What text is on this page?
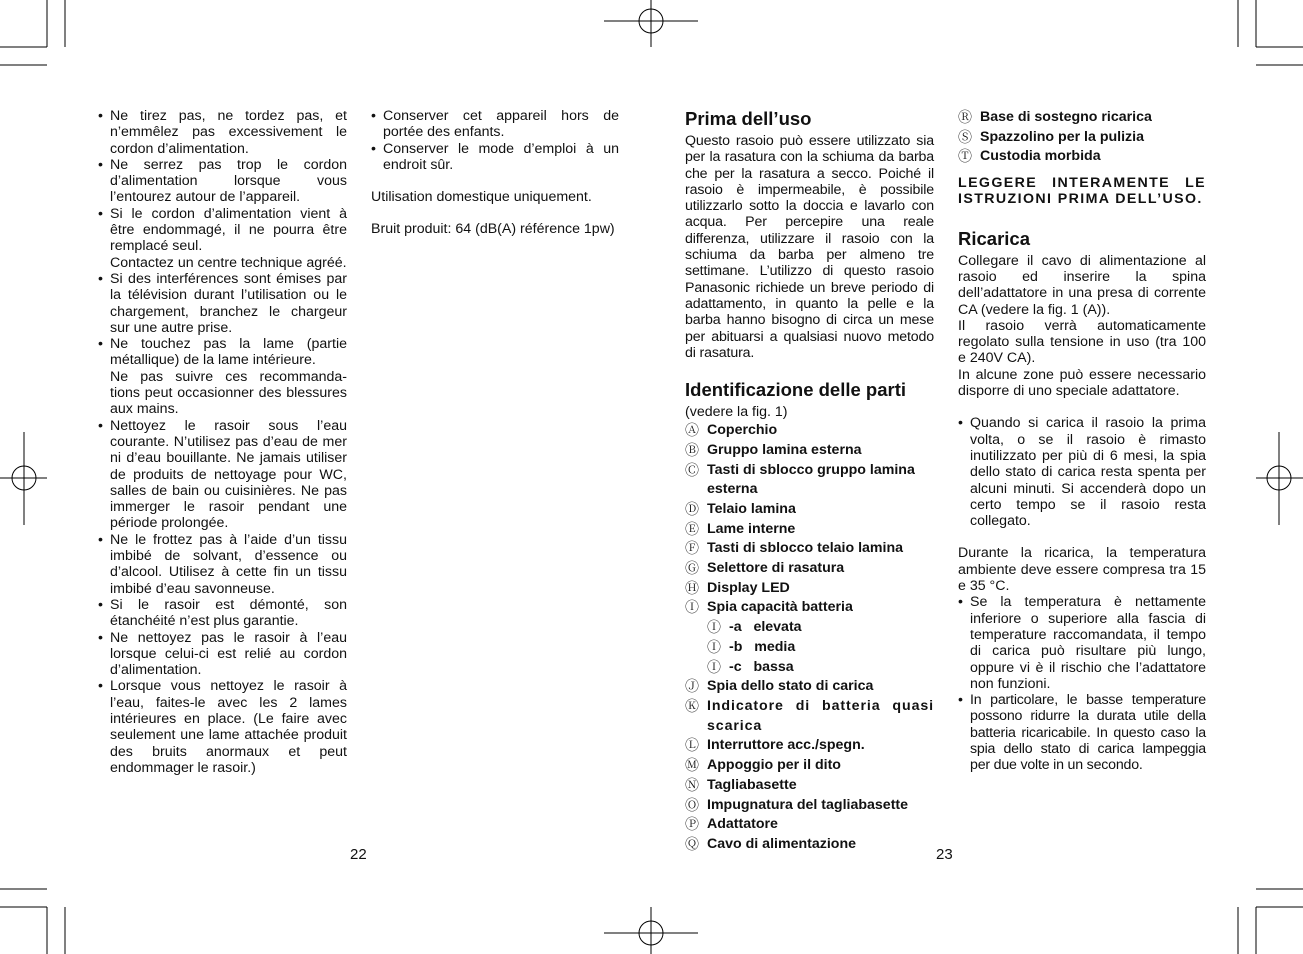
• Ne tirez pas, ne tordez pas, et n’emmêlez pas excessivement le cordon d’alimentation.
• Ne serrez pas trop le cordon d’alimentation lorsque vous l’entourez autour de l’appareil.
• Si le cordon d’alimentation vient à être endommagé, il ne pourra être remplacé seul.
Contactez un centre technique agréé.
• Si des interférences sont émises par la télévision durant l’utilisation ou le chargement, branchez le chargeur sur une autre prise.
• Ne touchez pas la lame (partie métallique) de la lame intérieure.
Ne pas suivre ces recommanda- tions peut occasionner des blessures aux mains.
• Nettoyez le rasoir sous l’eau courante. N’utilisez pas d’eau de mer ni d’eau bouillante. Ne jamais utiliser de produits de nettoyage pour WC, salles de bain ou cuisinières. Ne pas immerger le rasoir pendant une période prolongée.
• Ne le frottez pas à l’aide d’un tissu imbibé de solvant, d’essence ou d’alcool. Utilisez à cette fin un tissu imbibé d’eau savonneuse.
• Si le rasoir est démonté, son étanchéité n’est plus garantie.
• Ne nettoyez pas le rasoir à l’eau lorsque celui-ci est relié au cordon d’alimentation.
• Lorsque vous nettoyez le rasoir à l’eau, faites-le avec les 2 lames intérieures en place. (Le faire avec seulement une lame attachée produit des bruits anormaux et peut endommager le rasoir.)
• Conserver cet appareil hors de portée des enfants.
• Conserver le mode d’emploi à un endroit sûr.

Utilisation domestique uniquement.

Bruit produit: 64 (dB(A) référence 1pw)

22
Prima dell’uso

Questo rasoio può essere utilizzato sia per la rasatura con la schiuma da barba che per la rasatura a secco. Poiché il rasoio è impermeabile, è possibile utilizzarlo sotto la doccia e lavarlo con acqua. Per percepire una reale differenza, utilizzare il rasoio con la schiuma da barba per almeno tre settimane. L’utilizzo di questo rasoio Panasonic richiede un breve periodo di adattamento, in quanto la pelle e la barba hanno bisogno di circa un mese per abituarsi a qualsiasi nuovo metodo di rasatura.

Identificazione delle parti

(vedere la fig. 1)

Ⓐ Coperchio
Ⓑ Gruppo lamina esterna
Ⓒ Tasti di sblocco gruppo lamina esterna
Ⓓ Telaio lamina
Ⓔ Lame interne
Ⓕ Tasti di sblocco telaio lamina
Ⓖ Selettore di rasatura
Ⓗ Display LED
Ⓘ Spia capacità batteria
Ⓘ -a   elevata
Ⓘ -b   media
Ⓘ -c   bassa
Ⓙ Spia dello stato di carica
Ⓚ Indicatore di batteria quasi scarica
Ⓛ Interruttore acc./spegn.
Ⓜ Appoggio per il dito
Ⓝ Tagliabasette
Ⓞ Impugnatura del tagliabasette
Ⓟ Adattatore
Ⓠ Cavo di alimentazione
Ⓡ Base di sostegno ricarica
Ⓢ Spazzolino per la pulizia
Ⓣ Custodia morbida

LEGGERE INTERAMENTE LE ISTRUZIONI PRIMA DELL’USO.

Ricarica

Collegare il cavo di alimentazione al rasoio ed inserire la spina dell’adattatore in una presa di corrente CA (vedere la fig. 1 (A)).

Il rasoio verrà automaticamente regolato sulla tensione in uso (tra 100 e 240V CA).

In alcune zone può essere necessario disporre di uno speciale adattatore.

• Quando si carica il rasoio la prima volta, o se il rasoio è rimasto inutilizzato per più di 6 mesi, la spia dello stato di carica resta spenta per alcuni minuti. Si accenderà dopo un certo tempo se il rasoio resta collegato.

Durante la ricarica, la temperatura ambiente deve essere compresa tra 15 e 35 °C.

• Se la temperatura è nettamente inferiore o superiore alla fascia di temperature raccomandata, il tempo di carica può risultare più lungo, oppure vi è il rischio che l’adattatore non funzioni.
• In particolare, le basse temperature possono ridurre la durata utile della batteria ricaricabile. In questo caso la spia dello stato di carica lampeggia per due volte in un secondo.
23
